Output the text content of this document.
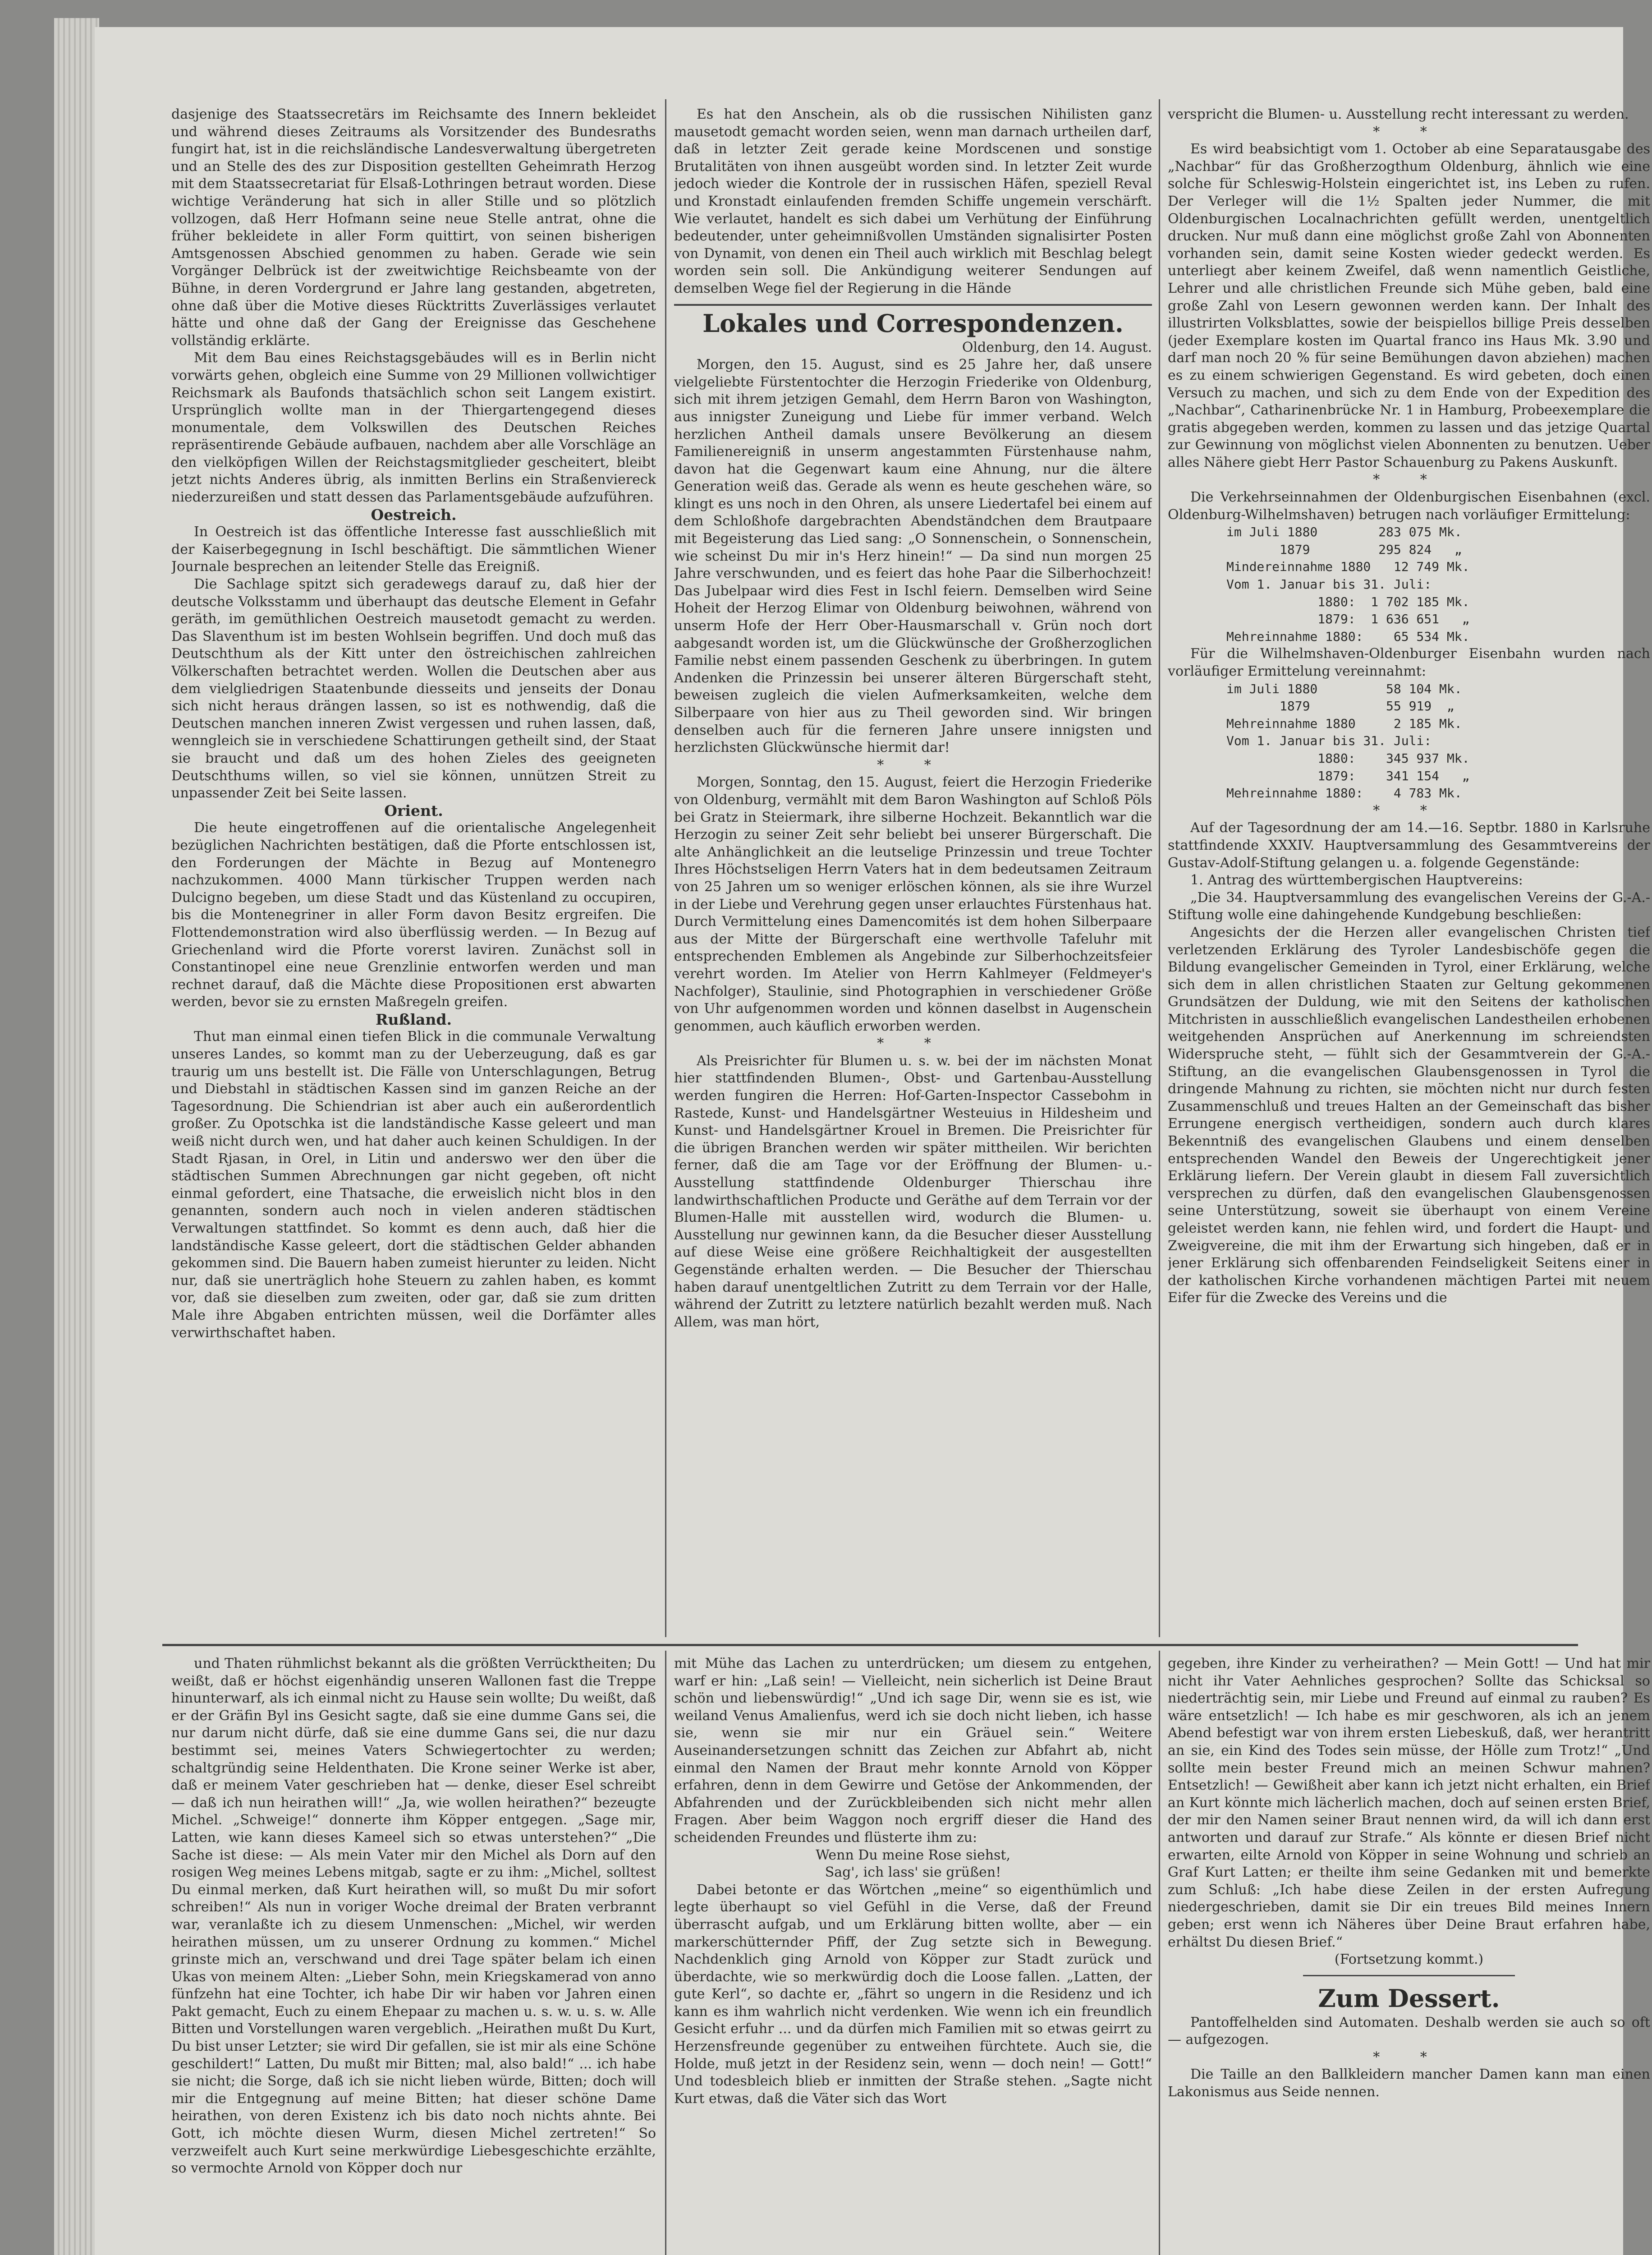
dasjenige des Staatssecretärs im Reichsamte des Innern bekleidet und während dieses Zeitraums als Vorsitzender des Bundesraths fungirt hat, ist in die reichsländische Landesverwaltung übergetreten und an Stelle des des zur Disposition gestellten Geheimrath Herzog mit dem Staatssecretariat für Elsaß-Lothringen betraut worden. Diese wichtige Veränderung hat sich in aller Stille und so plötzlich vollzogen, daß Herr Hofmann seine neue Stelle antrat, ohne die früher bekleidete in aller Form quittirt, von seinen bisherigen Amtsgenossen Abschied genommen zu haben. Gerade wie sein Vorgänger Delbrück ist der zweitwichtige Reichsbeamte von der Bühne, in deren Vordergrund er Jahre lang gestanden, abgetreten, ohne daß über die Motive dieses Rücktritts Zuverlässiges verlautet hätte und ohne daß der Gang der Ereignisse das Geschehene vollständig erklärte.

Mit dem Bau eines Reichstagsgebäudes will es in Berlin nicht vorwärts gehen, obgleich eine Summe von 29 Millionen vollwichtiger Reichsmark als Baufonds thatsächlich schon seit Langem existirt. Ursprünglich wollte man in der Thiergartengegend dieses monumentale, dem Volkswillen des Deutschen Reiches repräsentirende Gebäude aufbauen, nachdem aber alle Vorschläge an den vielköpfigen Willen der Reichstagsmitglieder gescheitert, bleibt jetzt nichts Anderes übrig, als inmitten Berlins ein Straßenviereck niederzureißen und statt dessen das Parlamentsgebäude aufzuführen.

Oestreich.

In Oestreich ist das öffentliche Interesse fast ausschließlich mit der Kaiserbegegnung in Ischl beschäftigt. Die sämmtlichen Wiener Journale besprechen an leitender Stelle das Ereigniß.

Die Sachlage spitzt sich geradewegs darauf zu, daß hier der deutsche Volksstamm und überhaupt das deutsche Element in Gefahr geräth, im gemüthlichen Oestreich mausetodt gemacht zu werden. Das Slaventhum ist im besten Wohlsein begriffen. Und doch muß das Deutschthum als der Kitt unter den östreichischen zahlreichen Völkerschaften betrachtet werden. Wollen die Deutschen aber aus dem vielgliedrigen Staatenbunde diesseits und jenseits der Donau sich nicht heraus drängen lassen, so ist es nothwendig, daß die Deutschen manchen inneren Zwist vergessen und ruhen lassen, daß, wenngleich sie in verschiedene Schattirungen getheilt sind, der Staat sie braucht und daß um des hohen Zieles des geeigneten Deutschthums willen, so viel sie können, unnützen Streit zu unpassender Zeit bei Seite lassen.

Orient.

Die heute eingetroffenen auf die orientalische Angelegenheit bezüglichen Nachrichten bestätigen, daß die Pforte entschlossen ist, den Forderungen der Mächte in Bezug auf Montenegro nachzukommen. 4000 Mann türkischer Truppen werden nach Dulcigno begeben, um diese Stadt und das Küstenland zu occupiren, bis die Montenegriner in aller Form davon Besitz ergreifen. Die Flottendemonstration wird also überflüssig werden. — In Bezug auf Griechenland wird die Pforte vorerst laviren. Zunächst soll in Constantinopel eine neue Grenzlinie entworfen werden und man rechnet darauf, daß die Mächte diese Propositionen erst abwarten werden, bevor sie zu ernsten Maßregeln greifen.

Rußland.

Thut man einmal einen tiefen Blick in die communale Verwaltung unseres Landes, so kommt man zu der Ueberzeugung, daß es gar traurig um uns bestellt ist. Die Fälle von Unterschlagungen, Betrug und Diebstahl in städtischen Kassen sind im ganzen Reiche an der Tagesordnung. Die Schiendrian ist aber auch ein außerordentlich großer. Zu Opotschka ist die landständische Kasse geleert und man weiß nicht durch wen, und hat daher auch keinen Schuldigen. In der Stadt Rjasan, in Orel, in Litin und anderswo wer den über die städtischen Summen Abrechnungen gar nicht gegeben, oft nicht einmal gefordert, eine Thatsache, die erweislich nicht blos in den genannten, sondern auch noch in vielen anderen städtischen Verwaltungen stattfindet. So kommt es denn auch, daß hier die landständische Kasse geleert, dort die städtischen Gelder abhanden gekommen sind. Die Bauern haben zumeist hierunter zu leiden. Nicht nur, daß sie unerträglich hohe Steuern zu zahlen haben, es kommt vor, daß sie dieselben zum zweiten, oder gar, daß sie zum dritten Male ihre Abgaben entrichten müssen, weil die Dorfämter alles verwirthschaftet haben.

Es hat den Anschein, als ob die russischen Nihilisten ganz mausetodt gemacht worden seien, wenn man darnach urtheilen darf, daß in letzter Zeit gerade keine Mordscenen und sonstige Brutalitäten von ihnen ausgeübt worden sind. In letzter Zeit wurde jedoch wieder die Kontrole der in russischen Häfen, speziell Reval und Kronstadt einlaufenden fremden Schiffe ungemein verschärft. Wie verlautet, handelt es sich dabei um Verhütung der Einführung bedeutender, unter geheimnißvollen Umständen signalisirter Posten von Dynamit, von denen ein Theil auch wirklich mit Beschlag belegt worden sein soll. Die Ankündigung weiterer Sendungen auf demselben Wege fiel der Regierung in die Hände

Lokales und Correspondenzen.

Oldenburg, den 14. August.

Morgen, den 15. August, sind es 25 Jahre her, daß unsere vielgeliebte Fürstentochter die Herzogin Friederike von Oldenburg, sich mit ihrem jetzigen Gemahl, dem Herrn Baron von Washington, aus innigster Zuneigung und Liebe für immer verband. Welch herzlichen Antheil damals unsere Bevölkerung an diesem Familienereigniß in unserm angestammten Fürstenhause nahm, davon hat die Gegenwart kaum eine Ahnung, nur die ältere Generation weiß das. Gerade als wenn es heute geschehen wäre, so klingt es uns noch in den Ohren, als unsere Liedertafel bei einem auf dem Schloßhofe dargebrachten Abendständchen dem Brautpaare mit Begeisterung das Lied sang: „O Sonnenschein, o Sonnenschein, wie scheinst Du mir in's Herz hinein!“ — Da sind nun morgen 25 Jahre verschwunden, und es feiert das hohe Paar die Silberhochzeit! Das Jubelpaar wird dies Fest in Ischl feiern. Demselben wird Seine Hoheit der Herzog Elimar von Oldenburg beiwohnen, während von unserm Hofe der Herr Ober-Hausmarschall v. Grün noch dort aabgesandt worden ist, um die Glückwünsche der Großherzoglichen Familie nebst einem passenden Geschenk zu überbringen. In gutem Andenken die Prinzessin bei unserer älteren Bürgerschaft steht, beweisen zugleich die vielen Aufmerksamkeiten, welche dem Silberpaare von hier aus zu Theil geworden sind. Wir bringen denselben auch für die ferneren Jahre unsere innigsten und herzlichsten Glückwünsche hiermit dar!

* *

Morgen, Sonntag, den 15. August, feiert die Herzogin Friederike von Oldenburg, vermählt mit dem Baron Washington auf Schloß Pöls bei Gratz in Steiermark, ihre silberne Hochzeit. Bekanntlich war die Herzogin zu seiner Zeit sehr beliebt bei unserer Bürgerschaft. Die alte Anhänglichkeit an die leutselige Prinzessin und treue Tochter Ihres Höchstseligen Herrn Vaters hat in dem bedeutsamen Zeitraum von 25 Jahren um so weniger erlöschen können, als sie ihre Wurzel in der Liebe und Verehrung gegen unser erlauchtes Fürstenhaus hat. Durch Vermittelung eines Damencomités ist dem hohen Silberpaare aus der Mitte der Bürgerschaft eine werthvolle Tafeluhr mit entsprechenden Emblemen als Angebinde zur Silberhochzeitsfeier verehrt worden. Im Atelier von Herrn Kahlmeyer (Feldmeyer's Nachfolger), Staulinie, sind Photographien in verschiedener Größe von Uhr aufgenommen worden und können daselbst in Augenschein genommen, auch käuflich erworben werden.

* *

Als Preisrichter für Blumen u. s. w. bei der im nächsten Monat hier stattfindenden Blumen-, Obst- und Gartenbau-Ausstellung werden fungiren die Herren: Hof-Garten-Inspector Cassebohm in Rastede, Kunst- und Handelsgärtner Westeuius in Hildesheim und Kunst- und Handelsgärtner Krouel in Bremen. Die Preisrichter für die übrigen Branchen werden wir später mittheilen. Wir berichten ferner, daß die am Tage vor der Eröffnung der Blumen- u.-Ausstellung stattfindende Oldenburger Thierschau ihre landwirthschaftlichen Producte und Geräthe auf dem Terrain vor der Blumen-Halle mit ausstellen wird, wodurch die Blumen- u. Ausstellung nur gewinnen kann, da die Besucher dieser Ausstellung auf diese Weise eine größere Reichhaltigkeit der ausgestellten Gegenstände erhalten werden. — Die Besucher der Thierschau haben darauf unentgeltlichen Zutritt zu dem Terrain vor der Halle, während der Zutritt zu letztere natürlich bezahlt werden muß. Nach Allem, was man hört,

verspricht die Blumen- u. Ausstellung recht interessant zu werden.

* *

Es wird beabsichtigt vom 1. October ab eine Separatausgabe des „Nachbar“ für das Großherzogthum Oldenburg, ähnlich wie eine solche für Schleswig-Holstein eingerichtet ist, ins Leben zu rufen. Der Verleger will die 1½ Spalten jeder Nummer, die mit Oldenburgischen Localnachrichten gefüllt werden, unentgeltlich drucken. Nur muß dann eine möglichst große Zahl von Abonnenten vorhanden sein, damit seine Kosten wieder gedeckt werden. Es unterliegt aber keinem Zweifel, daß wenn namentlich Geistliche, Lehrer und alle christlichen Freunde sich Mühe geben, bald eine große Zahl von Lesern gewonnen werden kann. Der Inhalt des illustrirten Volksblattes, sowie der beispiellos billige Preis desselben (jeder Exemplare kosten im Quartal franco ins Haus Mk. 3.90 und darf man noch 20 % für seine Bemühungen davon abziehen) machen es zu einem schwierigen Gegenstand. Es wird gebeten, doch einen Versuch zu machen, und sich zu dem Ende von der Expedition des „Nachbar“, Catharinenbrücke Nr. 1 in Hamburg, Probeexemplare die gratis abgegeben werden, kommen zu lassen und das jetzige Quartal zur Gewinnung von möglichst vielen Abonnenten zu benutzen. Ueber alles Nähere giebt Herr Pastor Schauenburg zu Pakens Auskunft.

* *

Die Verkehrseinnahmen der Oldenburgischen Eisenbahnen (excl. Oldenburg-Wilhelmshaven) betrugen nach vorläufiger Ermittelung:

im Juli 1880        283 075 Mk.

1879         295 824   „

Mindereinnahme 1880   12 749 Mk.

Vom 1. Januar bis 31. Juli:

1880:  1 702 185 Mk.

1879:  1 636 651   „

Mehreinnahme 1880:    65 534 Mk.

Für die Wilhelmshaven-Oldenburger Eisenbahn wurden nach vorläufiger Ermittelung vereinnahmt:

im Juli 1880         58 104 Mk.

1879          55 919  „

Mehreinnahme 1880     2 185 Mk.

Vom 1. Januar bis 31. Juli:

1880:    345 937 Mk.

1879:    341 154   „

Mehreinnahme 1880:    4 783 Mk.

* *

Auf der Tagesordnung der am 14.—16. Septbr. 1880 in Karlsruhe stattfindende XXXIV. Hauptversammlung des Gesammtvereins der Gustav-Adolf-Stiftung gelangen u. a. folgende Gegenstände:

1. Antrag des württembergischen Hauptvereins:

„Die 34. Hauptversammlung des evangelischen Vereins der G.-A.-Stiftung wolle eine dahingehende Kundgebung beschließen:

Angesichts der die Herzen aller evangelischen Christen tief verletzenden Erklärung des Tyroler Landesbischöfe gegen die Bildung evangelischer Gemeinden in Tyrol, einer Erklärung, welche sich dem in allen christlichen Staaten zur Geltung gekommenen Grundsätzen der Duldung, wie mit den Seitens der katholischen Mitchristen in ausschließlich evangelischen Landestheilen erhobenen weitgehenden Ansprüchen auf Anerkennung im schreiendsten Widerspruche steht, — fühlt sich der Gesammtverein der G.-A.-Stiftung, an die evangelischen Glaubensgenossen in Tyrol die dringende Mahnung zu richten, sie möchten nicht nur durch festen Zusammenschluß und treues Halten an der Gemeinschaft das bisher Errungene energisch vertheidigen, sondern auch durch klares Bekenntniß des evangelischen Glaubens und einem denselben entsprechenden Wandel den Beweis der Ungerechtigkeit jener Erklärung liefern. Der Verein glaubt in diesem Fall zuversichtlich versprechen zu dürfen, daß den evangelischen Glaubensgenossen seine Unterstützung, soweit sie überhaupt von einem Vereine geleistet werden kann, nie fehlen wird, und fordert die Haupt- und Zweigvereine, die mit ihm der Erwartung sich hingeben, daß er in jener Erklärung sich offenbarenden Feindseligkeit Seitens einer in der katholischen Kirche vorhandenen mächtigen Partei mit neuem Eifer für die Zwecke des Vereins und die

und Thaten rühmlichst bekannt als die größten Verrücktheiten; Du weißt, daß er höchst eigenhändig unseren Wallonen fast die Treppe hinunterwarf, als ich einmal nicht zu Hause sein wollte; Du weißt, daß er der Gräfin Byl ins Gesicht sagte, daß sie eine dumme Gans sei, die nur darum nicht dürfe, daß sie eine dumme Gans sei, die nur dazu bestimmt sei, meines Vaters Schwiegertochter zu werden; schaltgründig seine Heldenthaten. Die Krone seiner Werke ist aber, daß er meinem Vater geschrieben hat — denke, dieser Esel schreibt — daß ich nun heirathen will!“ „Ja, wie wollen heirathen?“ bezeugte Michel. „Schweige!“ donnerte ihm Köpper entgegen. „Sage mir, Latten, wie kann dieses Kameel sich so etwas unterstehen?“ „Die Sache ist diese: — Als mein Vater mir den Michel als Dorn auf den rosigen Weg meines Lebens mitgab, sagte er zu ihm: „Michel, solltest Du einmal merken, daß Kurt heirathen will, so mußt Du mir sofort schreiben!“ Als nun in voriger Woche dreimal der Braten verbrannt war, veranlaßte ich zu diesem Unmenschen: „Michel, wir werden heirathen müssen, um zu unserer Ordnung zu kommen.“ Michel grinste mich an, verschwand und drei Tage später belam ich einen Ukas von meinem Alten: „Lieber Sohn, mein Kriegskamerad von anno fünfzehn hat eine Tochter, ich habe Dir wir haben vor Jahren einen Pakt gemacht, Euch zu einem Ehepaar zu machen u. s. w. u. s. w. Alle Bitten und Vorstellungen waren vergeblich. „Heirathen mußt Du Kurt, Du bist unser Letzter; sie wird Dir gefallen, sie ist mir als eine Schöne geschildert!“ Latten, Du mußt mir Bitten; mal, also bald!“ ... ich habe sie nicht; die Sorge, daß ich sie nicht lieben würde, Bitten; doch will mir die Entgegnung auf meine Bitten; hat dieser schöne Dame heirathen, von deren Existenz ich bis dato noch nichts ahnte. Bei Gott, ich möchte diesen Wurm, diesen Michel zertreten!“ So verzweifelt auch Kurt seine merkwürdige Liebesgeschichte erzählte, so vermochte Arnold von Köpper doch nur

mit Mühe das Lachen zu unterdrücken; um diesem zu entgehen, warf er hin: „Laß sein! — Vielleicht, nein sicherlich ist Deine Braut schön und liebenswürdig!“ „Und ich sage Dir, wenn sie es ist, wie weiland Venus Amalienfus, werd ich sie doch nicht lieben, ich hasse sie, wenn sie mir nur ein Gräuel sein.“ Weitere Auseinandersetzungen schnitt das Zeichen zur Abfahrt ab, nicht einmal den Namen der Braut mehr konnte Arnold von Köpper erfahren, denn in dem Gewirre und Getöse der Ankommenden, der Abfahrenden und der Zurückbleibenden sich nicht mehr allen Fragen. Aber beim Waggon noch ergriff dieser die Hand des scheidenden Freundes und flüsterte ihm zu:

Wenn Du meine Rose siehst,

Sag', ich lass' sie grüßen!

Dabei betonte er das Wörtchen „meine“ so eigenthümlich und legte überhaupt so viel Gefühl in die Verse, daß der Freund überrascht aufgab, und um Erklärung bitten wollte, aber — ein markerschütternder Pfiff, der Zug setzte sich in Bewegung. Nachdenklich ging Arnold von Köpper zur Stadt zurück und überdachte, wie so merkwürdig doch die Loose fallen. „Latten, der gute Kerl“, so dachte er, „fährt so ungern in die Residenz und ich kann es ihm wahrlich nicht verdenken. Wie wenn ich ein freundlich Gesicht erfuhr ... und da dürfen mich Familien mit so etwas geirrt zu Herzensfreunde gegenüber zu entweihen fürchtete. Auch sie, die Holde, muß jetzt in der Residenz sein, wenn — doch nein! — Gott!“ Und todesbleich blieb er inmitten der Straße stehen. „Sagte nicht Kurt etwas, daß die Väter sich das Wort

gegeben, ihre Kinder zu verheirathen? — Mein Gott! — Und hat mir nicht ihr Vater Aehnliches gesprochen? Sollte das Schicksal so niederträchtig sein, mir Liebe und Freund auf einmal zu rauben? Es wäre entsetzlich! — Ich habe es mir geschworen, als ich an jenem Abend befestigt war von ihrem ersten Liebeskuß, daß, wer herantritt an sie, ein Kind des Todes sein müsse, der Hölle zum Trotz!“ „Und sollte mein bester Freund mich an meinen Schwur mahnen? Entsetzlich! — Gewißheit aber kann ich jetzt nicht erhalten, ein Brief an Kurt könnte mich lächerlich machen, doch auf seinen ersten Brief, der mir den Namen seiner Braut nennen wird, da will ich dann erst antworten und darauf zur Strafe.“ Als könnte er diesen Brief nicht erwarten, eilte Arnold von Köpper in seine Wohnung und schrieb an Graf Kurt Latten; er theilte ihm seine Gedanken mit und bemerkte zum Schluß: „Ich habe diese Zeilen in der ersten Aufregung niedergeschrieben, damit sie Dir ein treues Bild meines Innern geben; erst wenn ich Näheres über Deine Braut erfahren habe, erhältst Du diesen Brief.“

(Fortsetzung kommt.)

Zum Dessert.

Pantoffelhelden sind Automaten. Deshalb werden sie auch so oft — aufgezogen.

* *

Die Taille an den Ballkleidern mancher Damen kann man einen Lakonismus aus Seide nennen.
